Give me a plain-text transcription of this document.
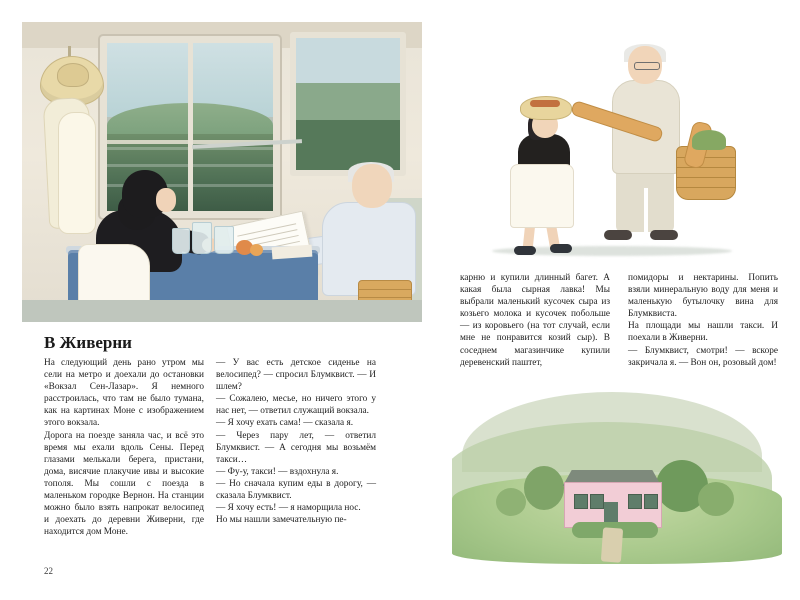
В Живерни

На следующий день рано утром мы сели на метро и доехали до остановки «Вокзал Сен-Лазар». Я немного расстроилась, что там не было тумана, как на картинах Моне с изображением этого вокзала.

Дорога на поезде заняла час, и всё это время мы ехали вдоль Сены. Перед глазами мелькали берега, пристани, дома, висячие плакучие ивы и высокие тополя. Мы сошли с поезда в маленьком городке Вернон. На станции можно было взять напрокат велосипед и доехать до деревни Живерни, где находится дом Моне.

— У вас есть детское сиденье на велосипед? — спросил Блумквист. — И шлем?

— Сожалею, месье, но ничего этого у нас нет, — ответил служащий вокзала.

— Я хочу ехать сама! — сказала я.

— Через пару лет, — ответил Блумквист. — А сегодня мы возьмём такси…

— Фу-у, такси! — вздохнула я.

— Но сначала купим еды в дорогу, — сказала Блумквист.

— Я хочу есть! — я наморщила нос.

Но мы нашли замечательную пе-

карню и купили длинный багет. А какая была сырная лавка! Мы выбрали маленький кусочек сыра из козьего молока и кусочек побольше — из коровьего (на тот случай, если мне не понравится козий сыр). В соседнем магазинчике купили деревенский паштет,

помидоры и нектарины. Попить взяли минеральную воду для меня и маленькую бутылочку вина для Блумквиста.

На площади мы нашли такси. И поехали в Живерни.

— Блумквист, смотри! — вскоре закричала я. — Вон он, розовый дом!

22
